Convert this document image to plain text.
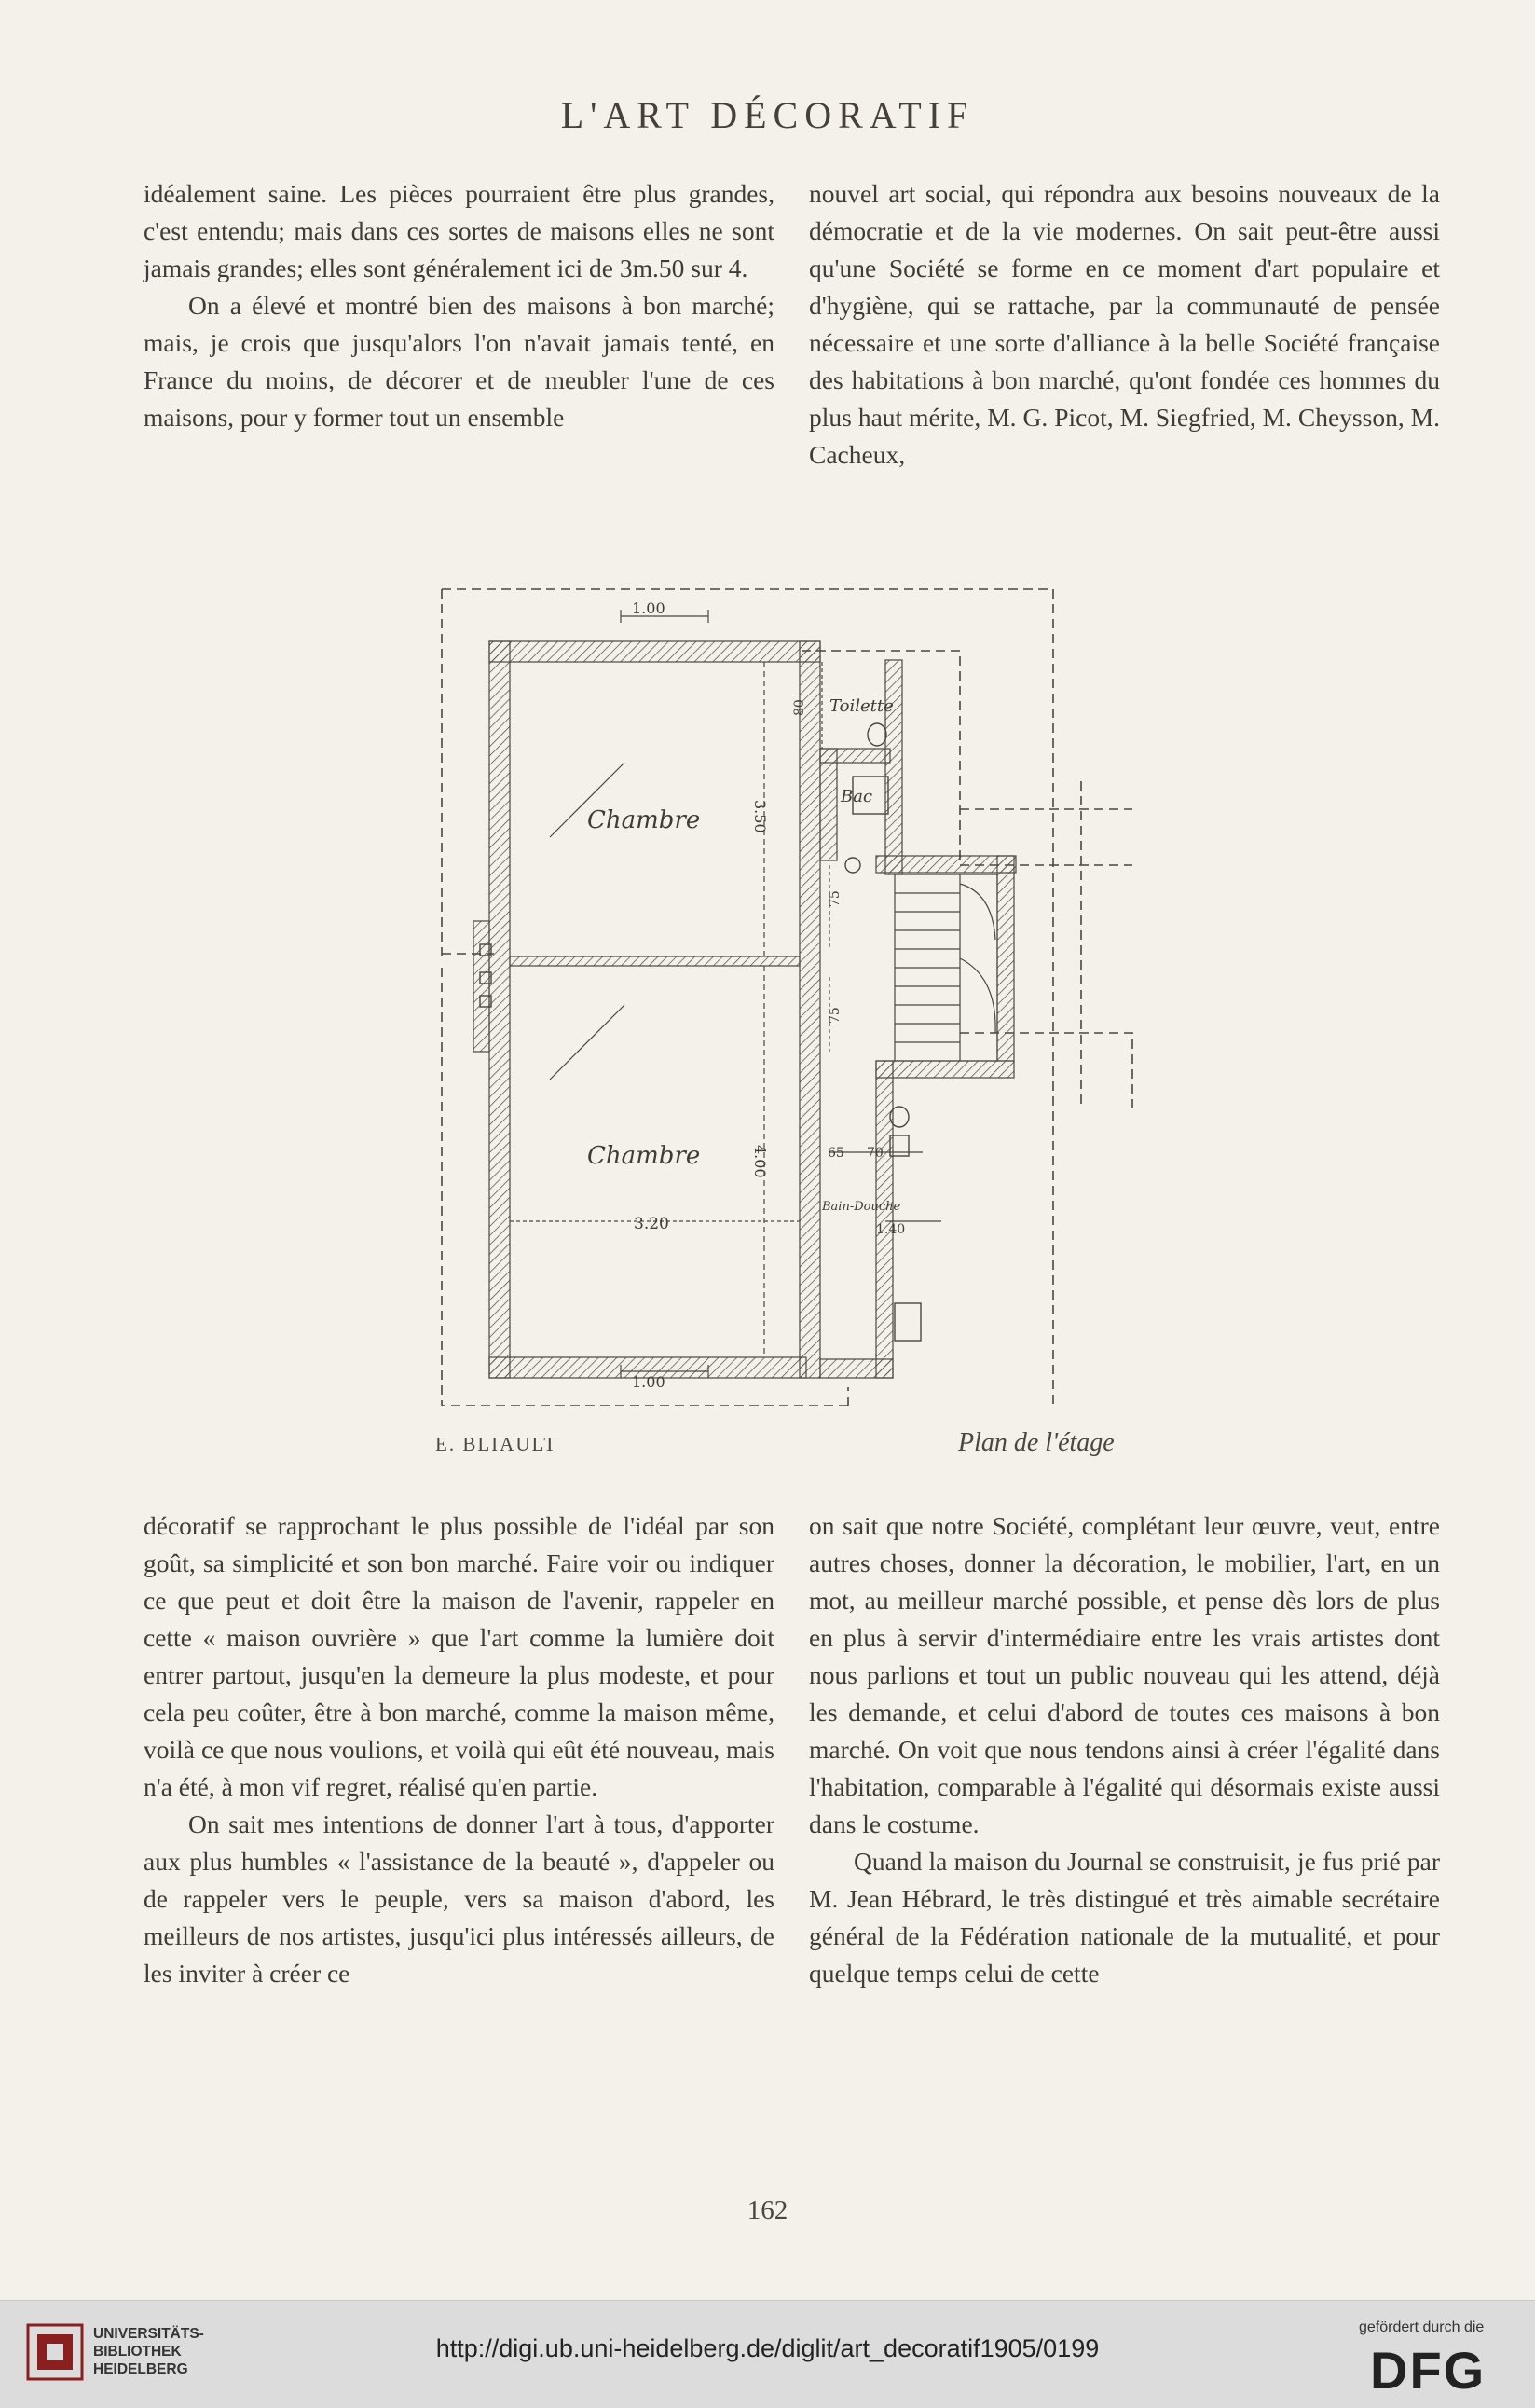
L'ART DÉCORATIF

idéalement saine. Les pièces pourraient être plus grandes, c'est entendu; mais dans ces sortes de maisons elles ne sont jamais grandes; elles sont généralement ici de 3m.50 sur 4.

On a élevé et montré bien des maisons à bon marché; mais, je crois que jusqu'alors l'on n'avait jamais tenté, en France du moins, de décorer et de meubler l'une de ces maisons, pour y former tout un ensemble

nouvel art social, qui répondra aux besoins nouveaux de la démocratie et de la vie modernes. On sait peut-être aussi qu'une Société se forme en ce moment d'art populaire et d'hygiène, qui se rattache, par la communauté de pensée nécessaire et une sorte d'alliance à la belle Société française des habitations à bon marché, qu'ont fondée ces hommes du plus haut mérite, M. G. Picot, M. Siegfried, M. Cheysson, M. Cacheux,

Chambre
Chambre
Toilette
Bac
Bain-Douche
1.00
1.00
3.20
3.50
4.00
80
65 70
1.40
75
75
E. BLIAULT	Plan de l'étage

décoratif se rapprochant le plus possible de l'idéal par son goût, sa simplicité et son bon marché. Faire voir ou indiquer ce que peut et doit être la maison de l'avenir, rappeler en cette « maison ouvrière » que l'art comme la lumière doit entrer partout, jusqu'en la demeure la plus modeste, et pour cela peu coûter, être à bon marché, comme la maison même, voilà ce que nous voulions, et voilà qui eût été nouveau, mais n'a été, à mon vif regret, réalisé qu'en partie.

On sait mes intentions de donner l'art à tous, d'apporter aux plus humbles « l'assistance de la beauté », d'appeler ou de rappeler vers le peuple, vers sa maison d'abord, les meilleurs de nos artistes, jusqu'ici plus intéressés ailleurs, de les inviter à créer ce

on sait que notre Société, complétant leur œuvre, veut, entre autres choses, donner la décoration, le mobilier, l'art, en un mot, au meilleur marché possible, et pense dès lors de plus en plus à servir d'intermédiaire entre les vrais artistes dont nous parlions et tout un public nouveau qui les attend, déjà les demande, et celui d'abord de toutes ces maisons à bon marché. On voit que nous tendons ainsi à créer l'égalité dans l'habitation, comparable à l'égalité qui désormais existe aussi dans le costume.

Quand la maison du Journal se construisit, je fus prié par M. Jean Hébrard, le très distingué et très aimable secrétaire général de la Fédération nationale de la mutualité, et pour quelque temps celui de cette

162
UNIVERSITÄTS-
BIBLIOTHEK
HEIDELBERG
http://digi.ub.uni-heidelberg.de/diglit/art_decoratif1905/0199
gefördert durch die
DFG
